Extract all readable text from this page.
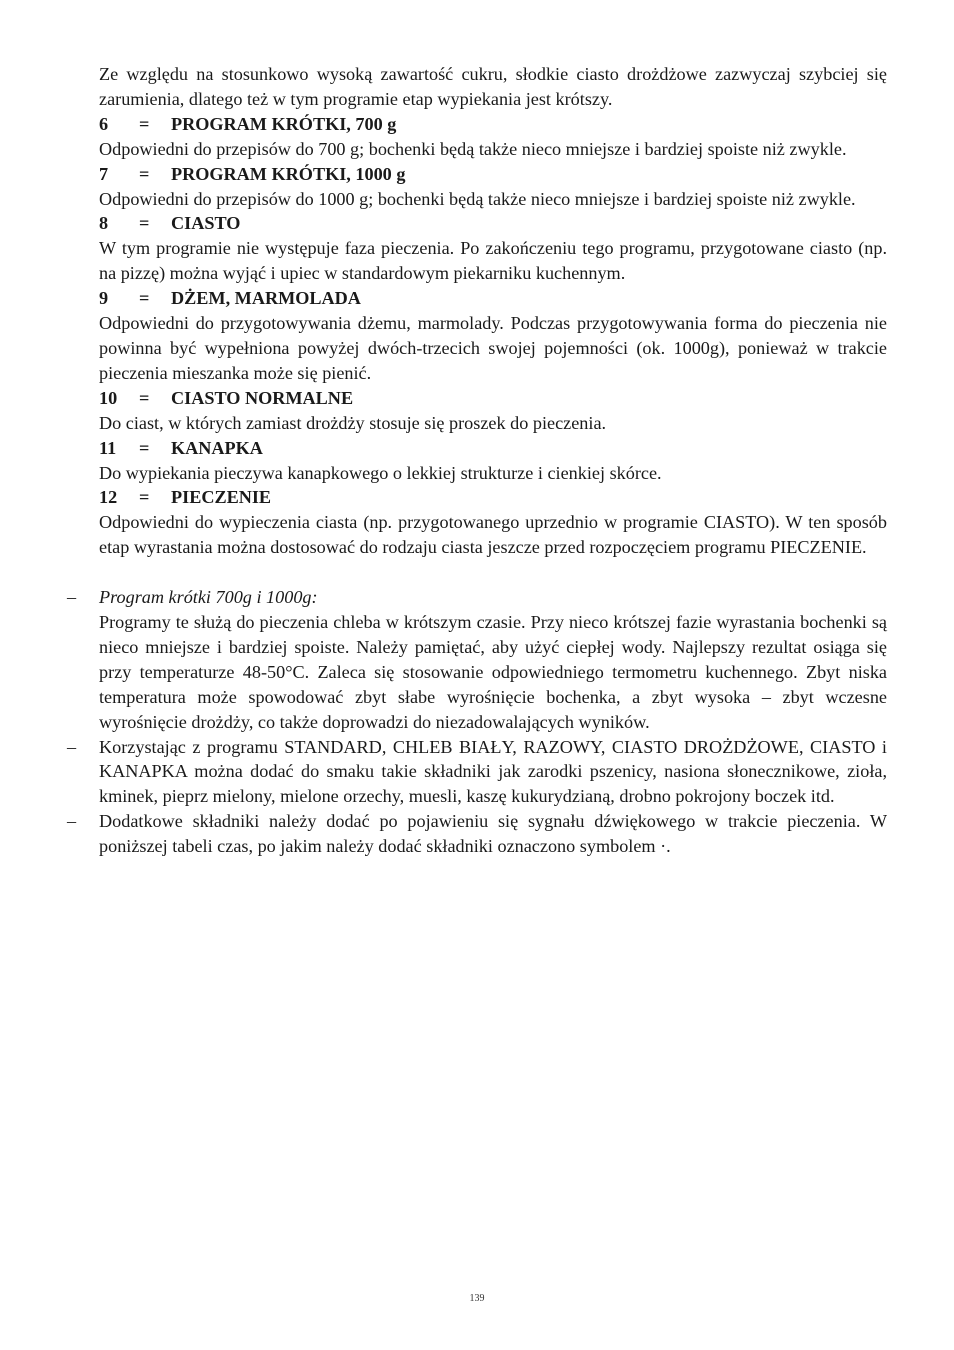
Ze względu na stosunkowo wysoką zawartość cukru, słodkie ciasto drożdżowe zazwyczaj szybciej się zarumienia, dlatego też w tym programie etap wypiekania jest krótszy.

6	=	PROGRAM KRÓTKI, 700 g

Odpowiedni do przepisów do 700 g; bochenki będą także nieco mniejsze i bardziej spoiste niż zwykle.

7	=	PROGRAM KRÓTKI, 1000 g

Odpowiedni do przepisów do 1000 g; bochenki będą także nieco mniejsze i bardziej spoiste niż zwykle.

8	=	CIASTO

W tym programie nie występuje faza pieczenia. Po zakończeniu tego programu, przygotowane ciasto (np. na pizzę) można wyjąć i upiec w standardowym piekarniku kuchennym.

9	=	DŻEM, MARMOLADA

Odpowiedni do przygotowywania dżemu, marmolady. Podczas przygotowywania forma do pieczenia nie powinna być wypełniona powyżej dwóch-trzecich swojej pojemności (ok. 1000g), ponieważ w trakcie pieczenia mieszanka może się pienić.

10	=	CIASTO NORMALNE

Do ciast, w których zamiast drożdży stosuje się proszek do pieczenia.

11	=	KANAPKA

Do wypiekania pieczywa kanapkowego o lekkiej strukturze i cienkiej skórce.

12	=	PIECZENIE

Odpowiedni do wypieczenia ciasta (np. przygotowanego uprzednio w programie CIASTO). W ten sposób etap wyrastania można dostosować do rodzaju ciasta jeszcze przed rozpoczęciem programu PIECZENIE.

– Program krótki 700g i 1000g:

Programy te służą do pieczenia chleba w krótszym czasie. Przy nieco krótszej fazie wyrastania bochenki są nieco mniejsze i bardziej spoiste. Należy pamiętać, aby użyć ciepłej wody. Najlepszy rezultat osiąga się przy temperaturze 48-50°C. Zaleca się stosowanie odpowiedniego termometru kuchennego. Zbyt niska temperatura może spowodować zbyt słabe wyrośnięcie bochenka, a zbyt wysoka – zbyt wczesne wyrośnięcie drożdży, co także doprowadzi do niezadowalających wyników.

– Korzystając z programu STANDARD, CHLEB BIAŁY, RAZOWY, CIASTO DROŻDŻOWE, CIASTO i KANAPKA można dodać do smaku takie składniki jak zarodki pszenicy, nasiona słonecznikowe, zioła, kminek, pieprz mielony, mielone orzechy, muesli, kaszę kukurydzianą, drobno pokrojony boczek itd.

– Dodatkowe składniki należy dodać po pojawieniu się sygnału dźwiękowego w trakcie pieczenia. W poniższej tabeli czas, po jakim należy dodać składniki oznaczono symbolem ·.

139
